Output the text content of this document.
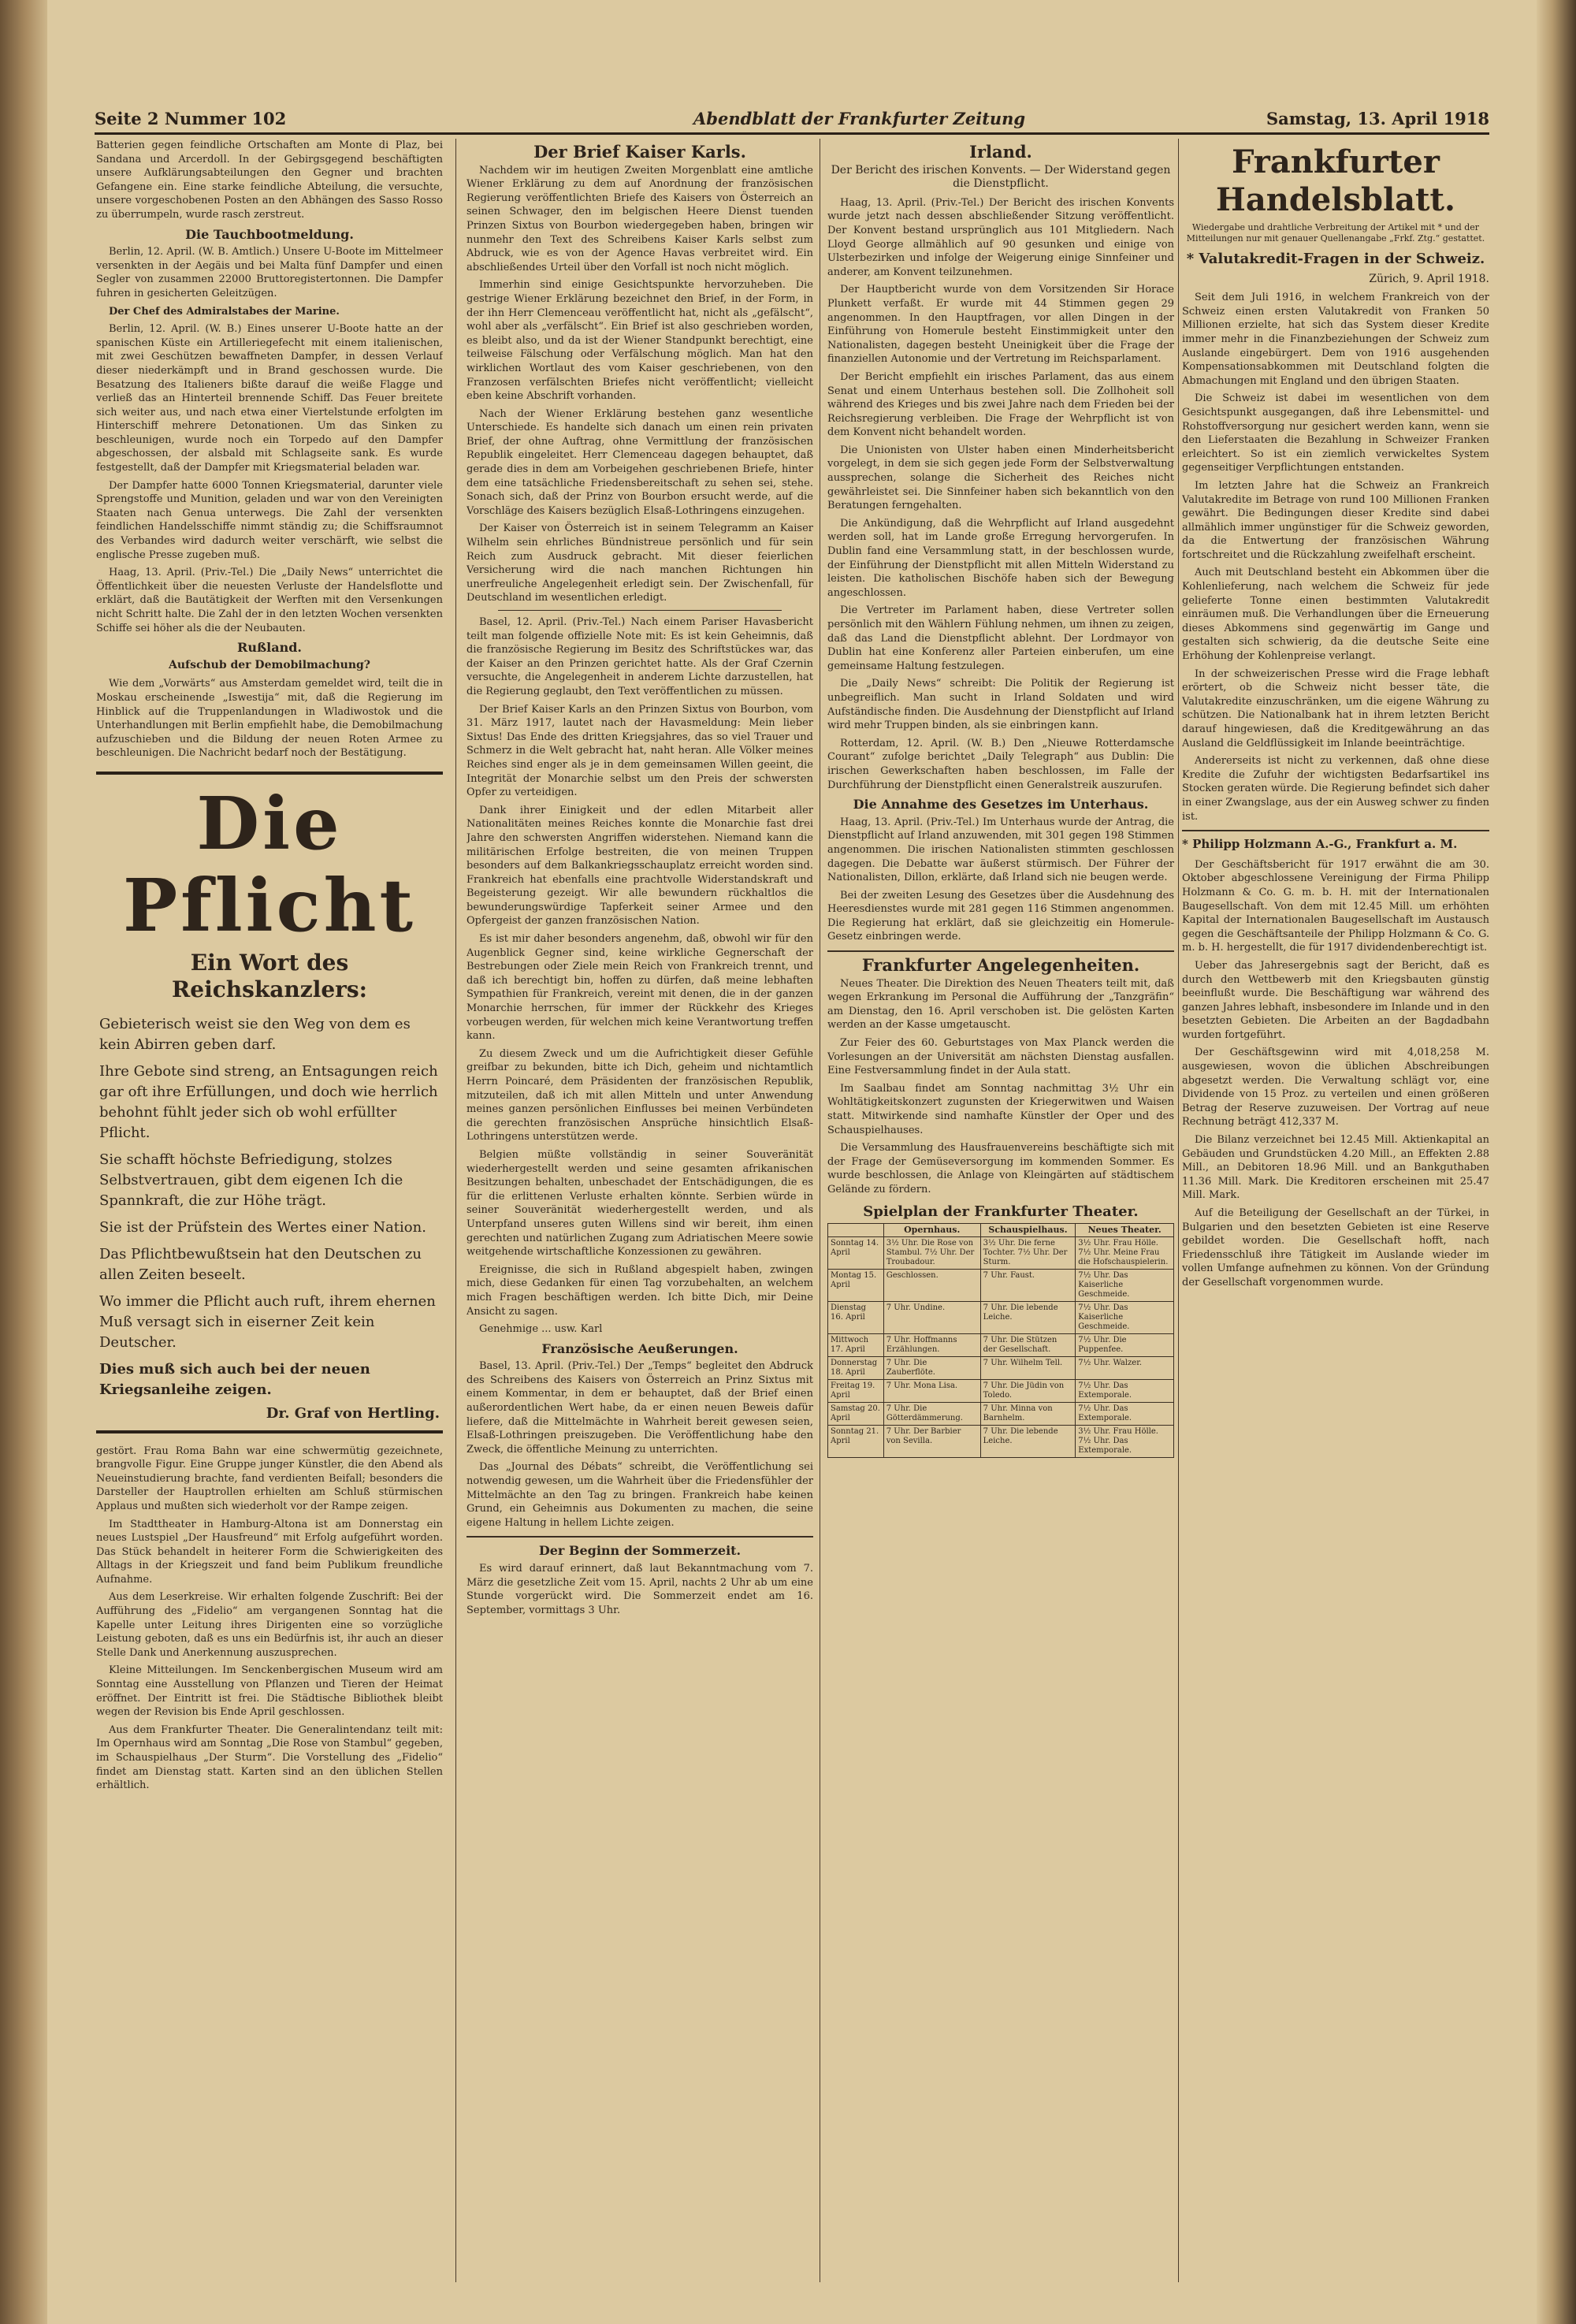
Seite 2 Nummer 102	Abendblatt der Frankfurter Zeitung	Samstag, 13. April 1918

Batterien gegen feindliche Ortschaften am Monte di Plaz, bei Sandana und Arcerdoll. In der Gebirgsgegend beschäftigten unsere Aufklärungsabteilungen den Gegner und brachten Gefangene ein. Eine starke feindliche Abteilung, die versuchte, unsere vorgeschobenen Posten an den Abhängen des Sasso Rosso zu überrumpeln, wurde rasch zerstreut.

Die Tauchbootmeldung.

Berlin, 12. April. (W. B. Amtlich.) Unsere U-Boote im Mittelmeer versenkten in der Aegäis und bei Malta fünf Dampfer und einen Segler von zusammen 22000 Bruttoregistertonnen. Die Dampfer fuhren in gesicherten Geleitzügen.

Der Chef des Admiralstabes der Marine.

Berlin, 12. April. (W. B.) Eines unserer U-Boote hatte an der spanischen Küste ein Artilleriegefecht mit einem italienischen, mit zwei Geschützen bewaffneten Dampfer, in dessen Verlauf dieser niederkämpft und in Brand geschossen wurde. Die Besatzung des Italieners bißte darauf die weiße Flagge und verließ das an Hinterteil brennende Schiff. Das Feuer breitete sich weiter aus, und nach etwa einer Viertelstunde erfolgten im Hinterschiff mehrere Detonationen. Um das Sinken zu beschleunigen, wurde noch ein Torpedo auf den Dampfer abgeschossen, der alsbald mit Schlagseite sank. Es wurde festgestellt, daß der Dampfer mit Kriegsmaterial beladen war.

Der Dampfer hatte 6000 Tonnen Kriegsmaterial, darunter viele Sprengstoffe und Munition, geladen und war von den Vereinigten Staaten nach Genua unterwegs. Die Zahl der versenkten feindlichen Handelsschiffe nimmt ständig zu; die Schiffsraumnot des Verbandes wird dadurch weiter verschärft, wie selbst die englische Presse zugeben muß.

Haag, 13. April. (Priv.-Tel.) Die „Daily News“ unterrichtet die Öffentlichkeit über die neuesten Verluste der Handelsflotte und erklärt, daß die Bautätigkeit der Werften mit den Versenkungen nicht Schritt halte. Die Zahl der in den letzten Wochen versenkten Schiffe sei höher als die der Neubauten.

Rußland.
Aufschub der Demobilmachung?

Wie dem „Vorwärts“ aus Amsterdam gemeldet wird, teilt die in Moskau erscheinende „Iswestija“ mit, daß die Regierung im Hinblick auf die Truppenlandungen in Wladiwostok und die Unterhandlungen mit Berlin empfiehlt habe, die Demobilmachung aufzuschieben und die Bildung der neuen Roten Armee zu beschleunigen. Die Nachricht bedarf noch der Bestätigung.

Die Pflicht
Ein Wort des Reichskanzlers:

Gebieterisch weist sie den Weg von dem es kein Abirren geben darf.

Ihre Gebote sind streng, an Entsagungen reich gar oft ihre Erfüllungen, und doch wie herrlich behohnt fühlt jeder sich ob wohl erfüllter Pflicht.

Sie schafft höchste Befriedigung, stolzes Selbstvertrauen, gibt dem eigenen Ich die Spannkraft, die zur Höhe trägt.

Sie ist der Prüfstein des Wertes einer Nation.

Das Pflichtbewußtsein hat den Deutschen zu allen Zeiten beseelt.

Wo immer die Pflicht auch ruft, ihrem ehernen Muß versagt sich in eiserner Zeit kein Deutscher.

Dies muß sich auch bei der neuen Kriegsanleihe zeigen.

Dr. Graf von Hertling.

gestört. Frau Roma Bahn war eine schwermütig gezeichnete, brangvolle Figur. Eine Gruppe junger Künstler, die den Abend als Neueinstudierung brachte, fand verdienten Beifall; besonders die Darsteller der Hauptrollen erhielten am Schluß stürmischen Applaus und mußten sich wiederholt vor der Rampe zeigen.

Im Stadttheater in Hamburg-Altona ist am Donnerstag ein neues Lustspiel „Der Hausfreund“ mit Erfolg aufgeführt worden. Das Stück behandelt in heiterer Form die Schwierigkeiten des Alltags in der Kriegszeit und fand beim Publikum freundliche Aufnahme.

Aus dem Leserkreise. Wir erhalten folgende Zuschrift: Bei der Aufführung des „Fidelio“ am vergangenen Sonntag hat die Kapelle unter Leitung ihres Dirigenten eine so vorzügliche Leistung geboten, daß es uns ein Bedürfnis ist, ihr auch an dieser Stelle Dank und Anerkennung auszusprechen.

Kleine Mitteilungen. Im Senckenbergischen Museum wird am Sonntag eine Ausstellung von Pflanzen und Tieren der Heimat eröffnet. Der Eintritt ist frei. Die Städtische Bibliothek bleibt wegen der Revision bis Ende April geschlossen.

Aus dem Frankfurter Theater. Die Generalintendanz teilt mit: Im Opernhaus wird am Sonntag „Die Rose von Stambul“ gegeben, im Schauspielhaus „Der Sturm“. Die Vorstellung des „Fidelio“ findet am Dienstag statt. Karten sind an den üblichen Stellen erhältlich.

Der Brief Kaiser Karls.

Nachdem wir im heutigen Zweiten Morgenblatt eine amtliche Wiener Erklärung zu dem auf Anordnung der französischen Regierung veröffentlichten Briefe des Kaisers von Österreich an seinen Schwager, den im belgischen Heere Dienst tuenden Prinzen Sixtus von Bourbon wiedergegeben haben, bringen wir nunmehr den Text des Schreibens Kaiser Karls selbst zum Abdruck, wie es von der Agence Havas verbreitet wird. Ein abschließendes Urteil über den Vorfall ist noch nicht möglich.

Immerhin sind einige Gesichtspunkte hervorzuheben. Die gestrige Wiener Erklärung bezeichnet den Brief, in der Form, in der ihn Herr Clemenceau veröffentlicht hat, nicht als „gefälscht“, wohl aber als „verfälscht“. Ein Brief ist also geschrieben worden, es bleibt also, und da ist der Wiener Standpunkt berechtigt, eine teilweise Fälschung oder Verfälschung möglich. Man hat den wirklichen Wortlaut des vom Kaiser geschriebenen, von den Franzosen verfälschten Briefes nicht veröffentlicht; vielleicht eben keine Abschrift vorhanden.

Nach der Wiener Erklärung bestehen ganz wesentliche Unterschiede. Es handelte sich danach um einen rein privaten Brief, der ohne Auftrag, ohne Vermittlung der französischen Republik eingeleitet. Herr Clemenceau dagegen behauptet, daß gerade dies in dem am Vorbeigehen geschriebenen Briefe, hinter dem eine tatsächliche Friedensbereitschaft zu sehen sei, stehe. Sonach sich, daß der Prinz von Bourbon ersucht werde, auf die Vorschläge des Kaisers bezüglich Elsaß-Lothringens einzugehen.

Der Kaiser von Österreich ist in seinem Telegramm an Kaiser Wilhelm sein ehrliches Bündnistreue persönlich und für sein Reich zum Ausdruck gebracht. Mit dieser feierlichen Versicherung wird die nach manchen Richtungen hin unerfreuliche Angelegenheit erledigt sein. Der Zwischenfall, für Deutschland im wesentlichen erledigt.

Basel, 12. April. (Priv.-Tel.) Nach einem Pariser Havasbericht teilt man folgende offizielle Note mit: Es ist kein Geheimnis, daß die französische Regierung im Besitz des Schriftstückes war, das der Kaiser an den Prinzen gerichtet hatte. Als der Graf Czernin versuchte, die Angelegenheit in anderem Lichte darzustellen, hat die Regierung geglaubt, den Text veröffentlichen zu müssen.

Der Brief Kaiser Karls an den Prinzen Sixtus von Bourbon, vom 31. März 1917, lautet nach der Havasmeldung: Mein lieber Sixtus! Das Ende des dritten Kriegsjahres, das so viel Trauer und Schmerz in die Welt gebracht hat, naht heran. Alle Völker meines Reiches sind enger als je in dem gemeinsamen Willen geeint, die Integrität der Monarchie selbst um den Preis der schwersten Opfer zu verteidigen.

Dank ihrer Einigkeit und der edlen Mitarbeit aller Nationalitäten meines Reiches konnte die Monarchie fast drei Jahre den schwersten Angriffen widerstehen. Niemand kann die militärischen Erfolge bestreiten, die von meinen Truppen besonders auf dem Balkankriegsschauplatz erreicht worden sind. Frankreich hat ebenfalls eine prachtvolle Widerstandskraft und Begeisterung gezeigt. Wir alle bewundern rückhaltlos die bewunderungswürdige Tapferkeit seiner Armee und den Opfergeist der ganzen französischen Nation.

Es ist mir daher besonders angenehm, daß, obwohl wir für den Augenblick Gegner sind, keine wirkliche Gegnerschaft der Bestrebungen oder Ziele mein Reich von Frankreich trennt, und daß ich berechtigt bin, hoffen zu dürfen, daß meine lebhaften Sympathien für Frankreich, vereint mit denen, die in der ganzen Monarchie herrschen, für immer der Rückkehr des Krieges vorbeugen werden, für welchen mich keine Verantwortung treffen kann.

Zu diesem Zweck und um die Aufrichtigkeit dieser Gefühle greifbar zu bekunden, bitte ich Dich, geheim und nichtamtlich Herrn Poincaré, dem Präsidenten der französischen Republik, mitzuteilen, daß ich mit allen Mitteln und unter Anwendung meines ganzen persönlichen Einflusses bei meinen Verbündeten die gerechten französischen Ansprüche hinsichtlich Elsaß-Lothringens unterstützen werde.

Belgien müßte vollständig in seiner Souveränität wiederhergestellt werden und seine gesamten afrikanischen Besitzungen behalten, unbeschadet der Entschädigungen, die es für die erlittenen Verluste erhalten könnte. Serbien würde in seiner Souveränität wiederhergestellt werden, und als Unterpfand unseres guten Willens sind wir bereit, ihm einen gerechten und natürlichen Zugang zum Adriatischen Meere sowie weitgehende wirtschaftliche Konzessionen zu gewähren.

Ereignisse, die sich in Rußland abgespielt haben, zwingen mich, diese Gedanken für einen Tag vorzubehalten, an welchem mich Fragen beschäftigen werden. Ich bitte Dich, mir Deine Ansicht zu sagen.

Genehmige ... usw. Karl

Französische Aeußerungen.

Basel, 13. April. (Priv.-Tel.) Der „Temps“ begleitet den Abdruck des Schreibens des Kaisers von Österreich an Prinz Sixtus mit einem Kommentar, in dem er behauptet, daß der Brief einen außerordentlichen Wert habe, da er einen neuen Beweis dafür liefere, daß die Mittelmächte in Wahrheit bereit gewesen seien, Elsaß-Lothringen preiszugeben. Die Veröffentlichung habe den Zweck, die öffentliche Meinung zu unterrichten.

Das „Journal des Débats“ schreibt, die Veröffentlichung sei notwendig gewesen, um die Wahrheit über die Friedensfühler der Mittelmächte an den Tag zu bringen. Frankreich habe keinen Grund, ein Geheimnis aus Dokumenten zu machen, die seine eigene Haltung in hellem Lichte zeigen.

Der Beginn der Sommerzeit.

Es wird darauf erinnert, daß laut Bekanntmachung vom 7. März die gesetzliche Zeit vom 15. April, nachts 2 Uhr ab um eine Stunde vorgerückt wird. Die Sommerzeit endet am 16. September, vormittags 3 Uhr.

Irland.
Der Bericht des irischen Konvents. — Der Widerstand gegen die Dienstpflicht.

Haag, 13. April. (Priv.-Tel.) Der Bericht des irischen Konvents wurde jetzt nach dessen abschließender Sitzung veröffentlicht. Der Konvent bestand ursprünglich aus 101 Mitgliedern. Nach Lloyd George allmählich auf 90 gesunken und einige von Ulsterbezirken und infolge der Weigerung einige Sinnfeiner und anderer, am Konvent teilzunehmen.

Der Hauptbericht wurde von dem Vorsitzenden Sir Horace Plunkett verfaßt. Er wurde mit 44 Stimmen gegen 29 angenommen. In den Hauptfragen, vor allen Dingen in der Einführung von Homerule besteht Einstimmigkeit unter den Nationalisten, dagegen besteht Uneinigkeit über die Frage der finanziellen Autonomie und der Vertretung im Reichsparlament.

Der Bericht empfiehlt ein irisches Parlament, das aus einem Senat und einem Unterhaus bestehen soll. Die Zollhoheit soll während des Krieges und bis zwei Jahre nach dem Frieden bei der Reichsregierung verbleiben. Die Frage der Wehrpflicht ist von dem Konvent nicht behandelt worden.

Die Unionisten von Ulster haben einen Minderheitsbericht vorgelegt, in dem sie sich gegen jede Form der Selbstverwaltung aussprechen, solange die Sicherheit des Reiches nicht gewährleistet sei. Die Sinnfeiner haben sich bekanntlich von den Beratungen ferngehalten.

Die Ankündigung, daß die Wehrpflicht auf Irland ausgedehnt werden soll, hat im Lande große Erregung hervorgerufen. In Dublin fand eine Versammlung statt, in der beschlossen wurde, der Einführung der Dienstpflicht mit allen Mitteln Widerstand zu leisten. Die katholischen Bischöfe haben sich der Bewegung angeschlossen.

Die Vertreter im Parlament haben, diese Vertreter sollen persönlich mit den Wählern Fühlung nehmen, um ihnen zu zeigen, daß das Land die Dienstpflicht ablehnt. Der Lordmayor von Dublin hat eine Konferenz aller Parteien einberufen, um eine gemeinsame Haltung festzulegen.

Die „Daily News“ schreibt: Die Politik der Regierung ist unbegreiflich. Man sucht in Irland Soldaten und wird Aufständische finden. Die Ausdehnung der Dienstpflicht auf Irland wird mehr Truppen binden, als sie einbringen kann.

Rotterdam, 12. April. (W. B.) Den „Nieuwe Rotterdamsche Courant“ zufolge berichtet „Daily Telegraph“ aus Dublin: Die irischen Gewerkschaften haben beschlossen, im Falle der Durchführung der Dienstpflicht einen Generalstreik auszurufen.

Die Annahme des Gesetzes im Unterhaus.

Haag, 13. April. (Priv.-Tel.) Im Unterhaus wurde der Antrag, die Dienstpflicht auf Irland anzuwenden, mit 301 gegen 198 Stimmen angenommen. Die irischen Nationalisten stimmten geschlossen dagegen. Die Debatte war äußerst stürmisch. Der Führer der Nationalisten, Dillon, erklärte, daß Irland sich nie beugen werde.

Bei der zweiten Lesung des Gesetzes über die Ausdehnung des Heeresdienstes wurde mit 281 gegen 116 Stimmen angenommen. Die Regierung hat erklärt, daß sie gleichzeitig ein Homerule-Gesetz einbringen werde.

Frankfurter Angelegenheiten.

Neues Theater. Die Direktion des Neuen Theaters teilt mit, daß wegen Erkrankung im Personal die Aufführung der „Tanzgräfin“ am Dienstag, den 16. April verschoben ist. Die gelösten Karten werden an der Kasse umgetauscht.

Zur Feier des 60. Geburtstages von Max Planck werden die Vorlesungen an der Universität am nächsten Dienstag ausfallen. Eine Festversammlung findet in der Aula statt.

Im Saalbau findet am Sonntag nachmittag 3½ Uhr ein Wohltätigkeitskonzert zugunsten der Kriegerwitwen und Waisen statt. Mitwirkende sind namhafte Künstler der Oper und des Schauspielhauses.

Die Versammlung des Hausfrauenvereins beschäftigte sich mit der Frage der Gemüseversorgung im kommenden Sommer. Es wurde beschlossen, die Anlage von Kleingärten auf städtischem Gelände zu fördern.

Spielplan der Frankfurter Theater.
	Opernhaus.	Schauspielhaus.	Neues Theater.
Sonntag 14. April	3½ Uhr. Die Rose von Stambul. 7½ Uhr. Der Troubadour.	3½ Uhr. Die ferne Tochter. 7½ Uhr. Der Sturm.	3½ Uhr. Frau Hölle. 7½ Uhr. Meine Frau die Hofschauspielerin.
Montag 15. April	Geschlossen.	7 Uhr. Faust.	7½ Uhr. Das Kaiserliche Geschmeide.
Dienstag 16. April	7 Uhr. Undine.	7 Uhr. Die lebende Leiche.	7½ Uhr. Das Kaiserliche Geschmeide.
Mittwoch 17. April	7 Uhr. Hoffmanns Erzählungen.	7 Uhr. Die Stützen der Gesellschaft.	7½ Uhr. Die Puppenfee.
Donnerstag 18. April	7 Uhr. Die Zauberflöte.	7 Uhr. Wilhelm Tell.	7½ Uhr. Walzer.
Freitag 19. April	7 Uhr. Mona Lisa.	7 Uhr. Die Jüdin von Toledo.	7½ Uhr. Das Extemporale.
Samstag 20. April	7 Uhr. Die Götterdämmerung.	7 Uhr. Minna von Barnhelm.	7½ Uhr. Das Extemporale.
Sonntag 21. April	7 Uhr. Der Barbier von Sevilla.	7 Uhr. Die lebende Leiche.	3½ Uhr. Frau Hölle. 7½ Uhr. Das Extemporale.
Frankfurter Handelsblatt.
Wiedergabe und drahtliche Verbreitung der Artikel mit * und der Mitteilungen nur mit genauer Quellenangabe „Frkf. Ztg.“ gestattet.
* Valutakredit-Fragen in der Schweiz.
Zürich, 9. April 1918.

Seit dem Juli 1916, in welchem Frankreich von der Schweiz einen ersten Valutakredit von Franken 50 Millionen erzielte, hat sich das System dieser Kredite immer mehr in die Finanzbeziehungen der Schweiz zum Auslande eingebürgert. Dem von 1916 ausgehenden Kompensationsabkommen mit Deutschland folgten die Abmachungen mit England und den übrigen Staaten.

Die Schweiz ist dabei im wesentlichen von dem Gesichtspunkt ausgegangen, daß ihre Lebensmittel- und Rohstoffversorgung nur gesichert werden kann, wenn sie den Lieferstaaten die Bezahlung in Schweizer Franken erleichtert. So ist ein ziemlich verwickeltes System gegenseitiger Verpflichtungen entstanden.

Im letzten Jahre hat die Schweiz an Frankreich Valutakredite im Betrage von rund 100 Millionen Franken gewährt. Die Bedingungen dieser Kredite sind dabei allmählich immer ungünstiger für die Schweiz geworden, da die Entwertung der französischen Währung fortschreitet und die Rückzahlung zweifelhaft erscheint.

Auch mit Deutschland besteht ein Abkommen über die Kohlenlieferung, nach welchem die Schweiz für jede gelieferte Tonne einen bestimmten Valutakredit einräumen muß. Die Verhandlungen über die Erneuerung dieses Abkommens sind gegenwärtig im Gange und gestalten sich schwierig, da die deutsche Seite eine Erhöhung der Kohlenpreise verlangt.

In der schweizerischen Presse wird die Frage lebhaft erörtert, ob die Schweiz nicht besser täte, die Valutakredite einzuschränken, um die eigene Währung zu schützen. Die Nationalbank hat in ihrem letzten Bericht darauf hingewiesen, daß die Kreditgewährung an das Ausland die Geldflüssigkeit im Inlande beeinträchtige.

Andererseits ist nicht zu verkennen, daß ohne diese Kredite die Zufuhr der wichtigsten Bedarfsartikel ins Stocken geraten würde. Die Regierung befindet sich daher in einer Zwangslage, aus der ein Ausweg schwer zu finden ist.

* Philipp Holzmann A.-G., Frankfurt a. M.

Der Geschäftsbericht für 1917 erwähnt die am 30. Oktober abgeschlossene Vereinigung der Firma Philipp Holzmann & Co. G. m. b. H. mit der Internationalen Baugesellschaft. Von dem mit 12.45 Mill. um erhöhten Kapital der Internationalen Baugesellschaft im Austausch gegen die Geschäftsanteile der Philipp Holzmann & Co. G. m. b. H. hergestellt, die für 1917 dividendenberechtigt ist.

Ueber das Jahresergebnis sagt der Bericht, daß es durch den Wettbewerb mit den Kriegsbauten günstig beeinflußt wurde. Die Beschäftigung war während des ganzen Jahres lebhaft, insbesondere im Inlande und in den besetzten Gebieten. Die Arbeiten an der Bagdadbahn wurden fortgeführt.

Der Geschäftsgewinn wird mit 4,018,258 M. ausgewiesen, wovon die üblichen Abschreibungen abgesetzt werden. Die Verwaltung schlägt vor, eine Dividende von 15 Proz. zu verteilen und einen größeren Betrag der Reserve zuzuweisen. Der Vortrag auf neue Rechnung beträgt 412,337 M.

Die Bilanz verzeichnet bei 12.45 Mill. Aktienkapital an Gebäuden und Grundstücken 4.20 Mill., an Effekten 2.88 Mill., an Debitoren 18.96 Mill. und an Bankguthaben 11.36 Mill. Mark. Die Kreditoren erscheinen mit 25.47 Mill. Mark.

Auf die Beteiligung der Gesellschaft an der Türkei, in Bulgarien und den besetzten Gebieten ist eine Reserve gebildet worden. Die Gesellschaft hofft, nach Friedensschluß ihre Tätigkeit im Auslande wieder im vollen Umfange aufnehmen zu können. Von der Gründung der Gesellschaft vorgenommen wurde.
